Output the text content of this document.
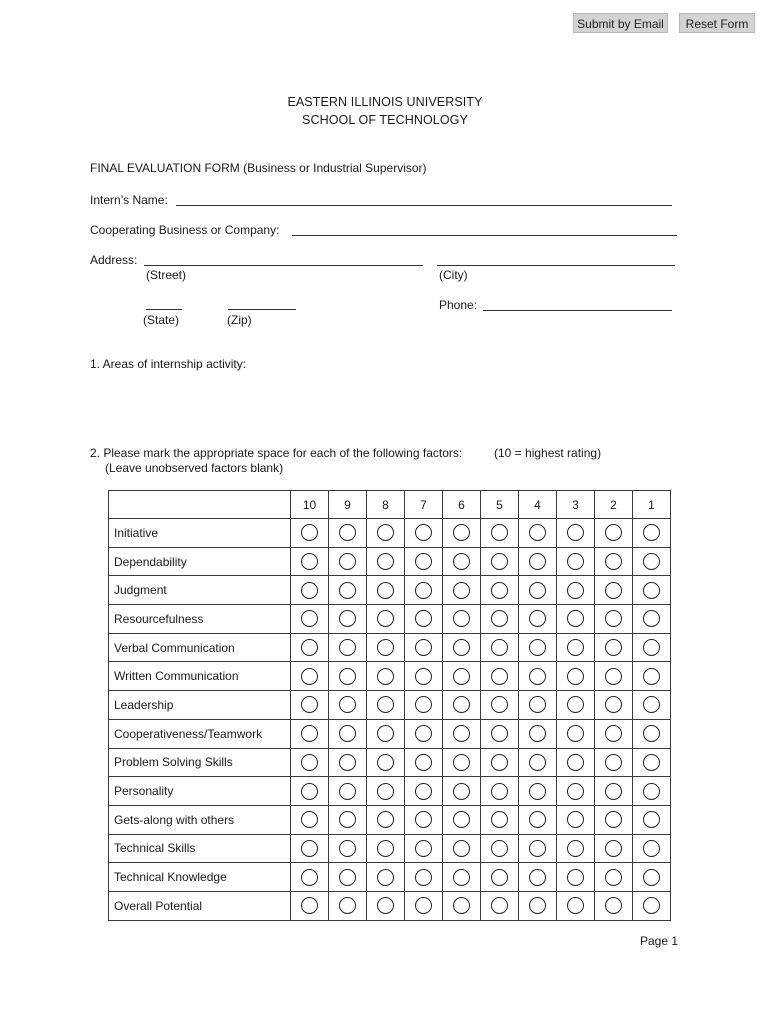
Submit by Email	Reset Form
EASTERN ILLINOIS UNIVERSITY
SCHOOL OF TECHNOLOGY
FINAL EVALUATION FORM (Business or Industrial Supervisor)
Intern’s Name:
Cooperating Business or Company:
Address:
(Street)	(City)
Phone:
(State)	(Zip)
1. Areas of internship activity:
2. Please mark the appropriate space for each of the following factors:	(10 = highest rating)
(Leave unobserved factors blank)
	10	9	8	7	6	5	4	3	2	1
Initiative										
Dependability										
Judgment										
Resourcefulness										
Verbal Communication										
Written Communication										
Leadership										
Cooperativeness/Teamwork										
Problem Solving Skills										
Personality										
Gets-along with others										
Technical Skills										
Technical Knowledge										
Overall Potential										
Page 1
